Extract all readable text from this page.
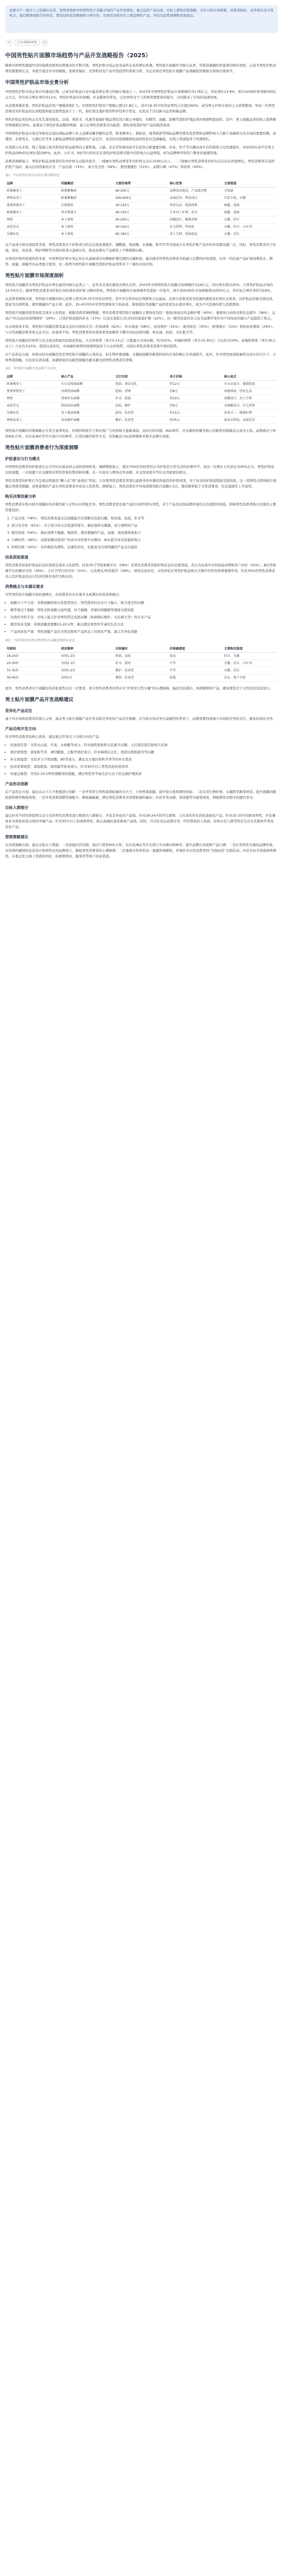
我要当个一级市人力资源从业者，请帮我搜索中国男性肽片芸膜市场的产品开发情况，重点包括产品功效、目标人群和营销策略，另外分析市场规模、消费者偏好、竞争格局及市场机会，最后整理成报告的形式，要有结构化的数据和分析内容，比如用表格对比主要品牌的产品，并给出趋势预测和发展建议。

✦	已完成联网查询	◎
中国男性贴片面膜市场趋势与产品开发战略报告（2025）

随着中国男性颜值经济的持续发展和消费观念的不断升级，男性护肤市场正迎来前所未有的增长机遇。男性贴片面膜作为细分品类，凭借其便捷性和显著的即时效果，正成为男性护肤消费的重要增长点。本报告通过对市场规模、消费者偏好、竞争格局及产品开发趋势的系统分析，为企业制定男性贴片面膜产品战略提供数据支持和决策参考。

中国男性护肤品市场全景分析

中国男性护肤市场正处在快速成长期，已成为护肤品行业中最具增长潜力的细分赛道之一。2023年中国男性护肤品市场规模约为178亿元，同比增长13.9%，预计2028年将突破300亿元大关，年均复合增长率约为11%。男性护肤意识的觉醒，社交媒体的普及，以及男性对个人形象管理需求的提升，共同推动了市场的高速发展。

从消费渗透来看，男性护肤品的用户规模持续扩大。中国男性护肤用户规模已超过1.8亿人，其中18-35岁的年轻男性占比超过60%，成为男士护肤市场的主力消费群体。年轻一代男性消费者对护肤品的认知程度和接受度明显高于上一代，他们更注重护肤的科学性和个性化，也更乐于尝试新兴品类和新品牌。

男性护肤品类结构正在发生深刻变化。洁面、爽肤水、乳液等基础护理品类依然占据主导地位，但精华、面膜、防晒等进阶护理品类的增速明显加快。其中，男士面膜品类的线上销售额年增速超过30%，显著高于男性护肤品整体增速，显示出男性消费者对功能型、即时效果型护肤产品的强烈需求。

中国男性护肤品市场竞争格局呈现出国际品牌与本土品牌双雄争霸的态势。欧莱雅男士、碧欧泉、曼秀雷敦等国际品牌凭借先发优势和品牌影响力占据了高端和大众市场的重要份额，而理然、亲爱男友、左颜右色等本土新锐品牌则依靠精准的产品定位、灵活的营销策略和较高的性价比迅速崛起，在线上渠道取得了快速增长。

从渠道分布来看，线上渠道已成为男性护肤品销售的主要阵地。天猫、京东等传统电商平台依然占据重要份额，抖音、快手等兴趣电商平台的销售占比快速提升，2023年抖音平台男士护肤品GMV同比增长超过80%。此外，小红书、B站等内容社区在男性护肤消费决策中的影响力日益增强，成为品牌种草和用户教育的重要阵地。

消费者调研显示，男性护肤品消费者的年均护肤支出稳步提升。一线城市男性消费者年均护肤支出在1500元以上，二三线城市男性消费者的年均支出也在快速增长。男性消费者在选择护肤产品时，最关注的因素依次为：产品功效（72%）、成分安全性（58%）、使用便捷性（51%）、品牌口碑（47%）和价格（43%）。

表1：中国男性护肤品市场主要品牌对比
品牌	所属集团	主要价格带	核心优势	主要渠道
欧莱雅男士	欧莱雅集团	60-200元	品牌知名度高、产品线完整	全渠道
碧欧泉男士	欧莱雅集团	200-600元	高端定位、科技成分	百货专柜、天猫
曼秀雷敦男士	乐敦制药	30-120元	性价比高、控油清爽	商超、电商
妮维雅男士	拜尔斯道夫	40-150元	专业男士护理、补水	商超、电商
理然	本土新锐	50-200元	国潮设计、精准营销	天猫、抖音
亲爱男友	本土新锐	40-150元	社交营销、年轻化	天猫、抖音、小红书
左颜右色	本土新锐	60-180元	男士专研、控油祛痘	天猫、京东

从产品成分和功效趋势来看，男性消费者对于护肤成分的关注度显著提升。烟酰胺、玻尿酸、水杨酸、积雪草等功效成分在男性护肤产品中的应用越来越广泛。同时，男性消费者对于控油、祛痘、抗初老、修护屏障等功效的需求日益细分化，推动品牌在产品研发上不断推陈出新。

从男性护肤的发展阶段来看，中国男性护肤市场正处在从基础清洁向精细护理过渡的关键阶段。越来越多的男性消费者开始建立完整的护肤流程，从单一的洁面产品扩展到爽肤水、精华、面霜、面膜等多品类组合使用。这一趋势为男性贴片面膜等进阶护肤品类带来了广阔的市场空间。

男性贴片面膜市场深度剖析

男性贴片面膜作为男性护肤品中增长最快的细分品类之一，近年来呈现出爆发式增长态势。2023年中国男性贴片面膜市场规模约为24亿元，同比增长超过25%，占男性护肤品市场的13.5%左右。随着男性消费者对护肤认知的深化和护肤习惯的养成，男性贴片面膜的市场渗透率有望进一步提升，预计到2028年市场规模将达到55亿元，年均复合增长率约为18%。

从消费者画像来看，男性贴片面膜的核心消费人群为18-35岁的年轻男性，其中学生和年轻白领群体占比最高。这部分消费者具有较强的颜值意识和社交需求，对护肤品的接受度较高，愿意为功效明显、使用便捷的产品买单。此外，35-45岁的中年男性群体对于抗初老、紧致提拉类面膜产品的需求也在逐步增长，成为不可忽视的潜力消费群体。

男性贴片面膜的使用场景呈现多元化特征。根据消费者调研数据，男性消费者使用贴片面膜的主要场景包括：熬夜/加班后的急救护理（45%）、重要场合前的皮肤状态提升（38%）、运动/户外活动后的舒缓修护（29%）、日常护肤流程的补充（27%）以及长途旅行/出差时的保湿护理（22%）。这一使用场景的多元化为品牌开发针对不同场景的细分产品提供了机会。

从功效需求来看，男性贴片面膜消费者最关注的功效依次为：控油清爽（62%）、补水保湿（58%）、祛痘修护（41%）、提亮肤色（35%）、舒缓镇定（31%）和抗初老紧致（24%）。与女性面膜消费者更关注美白、抗衰老不同，男性消费者的功效需求更加聚焦于解决实际皮肤问题，如出油、痘痘、毛孔粗大等。

男性贴片面膜的价格带分布呈现出明显的层级化特征。大众价格带（单片5-15元）占据最大市场份额，约为55%；中端价格带（单片15-30元）占比约为30%；高端价格带（单片30元以上）占比约为15%。值得注意的是，中高端价格带的增速明显快于大众价格带，反映出男性消费者消费升级的趋势。

在产品形态方面，传统无纺布面膜依然是男性贴片面膜的主流形态，但生物纤维面膜、水凝胶面膜等新型材质的市场份额正在快速提升。此外，针对男性面部轮廓特点设计的大尺寸、立体剪裁面膜，以及具有清凉感、冰感体验的功能型面膜也越来越受到男性消费者的青睐。

表2：男性贴片面膜主要品牌产品对比
品牌	核心产品	主打功效	单片价格	核心卖点
欧莱雅男士	火山岩控油面膜	控油、清洁毛孔	约12元	火山岩成分、强效控油
曼秀雷敦男士	冰爽控油面膜	控油、清爽	约8元	冰感体验、性价比高
理然	清爽补水面膜	补水、控油	约10元	国潮设计、男士专研
亲爱男友	控油祛痘面膜	祛痘、修护	约9元	水杨酸成分、社交营销
左颜右色	男士焕活面膜	提亮、抗初老	约15元	多效合一、精准护理
碧欧泉男士	活泉修护面膜	修护、抗初老	约35元	活泉水科技、高端定位

男性贴片面膜的营销策略正在发生显著变化。传统的明星代言和电视广告的影响力逐渐减弱，而以内容营销、KOL种草、社交媒体传播为核心的新型营销模式正成为主流。品牌通过与男性KOL合作、在抖音/B站等平台进行内容种草、打造话题营销等方式，有效触达目标消费群体并提升品牌认知度。

男性贴片面膜消费者行为深度洞察
护肤意识与行为模式

中国男性消费者的护肤意识正在经历从被动到主动的深刻转变。调研数据显示，超过70%的年轻男性认为护肤是日常生活的必要环节，而这一比例在五年前仅为40%左右。男性护肤意识的觉醒，一方面源于社交媒体对男性形象的塑造和传播，另一方面也与职场竞争加剧、社交需求提升等社会因素密切相关。

男性消费者的护肤行为呈现出明显的“懒人化”和“高效化”特征。大多数男性消费者希望以最简单的步骤获得最佳的护肤效果，对于复杂的护肤流程接受度较低。这一消费特点使得贴片面膜这类使用便捷、效果直观的产品在男性消费者中具有天然优势。调研显示，男性消费者平均每周使用贴片面膜1-2次，使用频率低于女性消费者，但呈现逐年上升趋势。

购买决策因素分析

男性消费者在购买贴片面膜时的决策因素与女性存在明显差异。男性消费者更注重产品的功效性和实用性，对于产品包装和品牌形象的关注度相对较低。影响男性消费者购买决策的主要因素包括：

1. 产品功效（78%）：男性消费者最关注面膜能否有效解决皮肤问题，如控油、祛痘、补水等
2. 成分安全性（61%）：对于成分的关注度逐年提升，偏好温和无刺激、成分透明的产品
3. 使用体验（54%）：偏好清爽不黏腻、吸收快、使用便捷的产品，冰感、清凉感体验加分
4. 口碑评价（49%）：高度依赖其他用户的真实评价和专业测评，KOL推荐具有较强影响力
5. 价格因素（42%）：对价格较为理性，注重性价比，但愿意为功效明确的产品支付溢价
信息获取渠道

男性消费者获取护肤品信息的渠道呈现多元化趋势。抖音/快手等短视频平台（58%）是男性消费者获取护肤信息的首要渠道，其次为电商平台的商品详情和用户评价（52%）、B站等视频平台的测评内容（39%）、小红书等内容社区（31%）、以及朋友/伴侣推荐（28%）。值得注意的是，女性伴侣在男性护肤品购买决策中仍然发挥着重要作用，约有35%的男性消费者表示其护肤品是由女性伴侣推荐或代为购买的。

消费痛点与未满足需求

尽管男性贴片面膜市场快速增长，但消费者仍存在诸多未被满足的需求和痛点：

• 面膜尺寸不合适：多数面膜按照女性脸型设计，男性使用时存在尺寸偏小、贴合度差的问题
• 精华液过于黏腻：男性皮肤油脂分泌旺盛，对于黏腻、厚重的面膜精华液接受度较低
• 功效针对性不足：市场上缺乏针对男性特定皮肤问题（如剃须后修护、毛孔粗大等）的专业产品
• 使用场景受限：传统面膜需要敷15-20分钟，难以满足男性快节奏的生活方式
• 产品同质化严重：男性面膜产品在功效宣称和产品形态上同质化严重，缺乏差异化创新
表3：不同年龄段男性消费者贴片面膜消费特征对比
年龄段	使用频率	功效偏好	价格敏感度	主要购买渠道
18-24岁	每周1-2次	控油、祛痘	较高	抖音、天猫
25-30岁	每周2-3次	补水、提亮	中等	天猫、京东、小红书
31-35岁	每周1-2次	修护、抗初老	中等	天猫、京东
36-45岁	每周1次	紧致、抗衰老	较低	京东、线下专柜

此外，男性消费者对于面膜包装的私密性也有一定要求。部分男性消费者仍然存在“护肤是女性专属”的心理障碍，偏好包装简洁、风格硬朗的产品，避免使用过于女性化的包装设计。

男士贴片面膜产品开发战略建议
差异化产品定位

基于对市场和消费者的深入分析，建议男士贴片面膜产品开发采取差异化的产品定位策略。在当前市场竞争日益激烈的背景下，品牌需要找准细分市场和差异化定位，避免同质化竞争。

产品功效开发方向

针对男性消费者的核心需求，建议重点开发以下功效方向的产品：

• 控油清洁型：采用火山泥、竹炭、水杨酸等成分，针对油性肌肤和毛孔粗大问题，主打深层清洁和持久控油
• 修护舒缓型：添加积雪草、神经酰胺、泛醇等修护成分，针对剃须后泛红、熬夜后肌肤疲劳等问题
• 补水保湿型：采用多分子玻尿酸、B5等成分，满足北方地区和秋冬季节的补水需求
• 抗初老紧致型：添加胜肽、视黄醇等抗老成分，针对30岁以上男性的抗初老需求
• 快速急救型：开发5-10分钟快速敷用的面膜，满足男性快节奏生活方式下的急救护理需求
产品形态创新

在产品形态方面，建议从以下几个维度进行创新：一是开发符合男性面部轮廓的大尺寸、立体剪裁面膜，提升贴合度和使用体验；二是采用生物纤维、水凝胶等新型材质，提升面膜的服帖度和精华吸收效果；三是开发清爽型精华液配方，降低黏腻感，满足男性消费者对清爽肤感的偏好；四是开发冰感、清凉感等功能型体验，增强使用过程中的感官享受。

目标人群细分

建议针对不同年龄段和生活方式的男性消费者进行精准的人群细分，开发差异化的产品线。针对18-24岁的学生群体，主打高性价比的控油祛痘产品；针对25-35岁的职场男性，开发兼具补水和抗初老功效的中端产品；针对35岁以上的成熟男性，推出高端抗衰老紧致产品线。同时，可以针对运动爱好者、经常熬夜的上班族、商务出差人群等特定生活方式群体开发场景化产品。

营销策略建议

在营销策略方面，建议采取以下措施：一是加强内容营销，通过与男性KOL合作、在抖音/B站等平台进行专业测评和种草，提升品牌认知度和产品口碑；二是打造男性专属的品牌形象，采用简约硬朗的包装设计和男性化的品牌语言，降低男性消费者的心理障碍；三是重视女性伴侣这一重要影响群体，开展针对女性消费者的“为他而选”营销活动；四是布局全渠道销售网络，在重点发力线上渠道的同时，拓展便利店、健身房等线下场景渠道。
